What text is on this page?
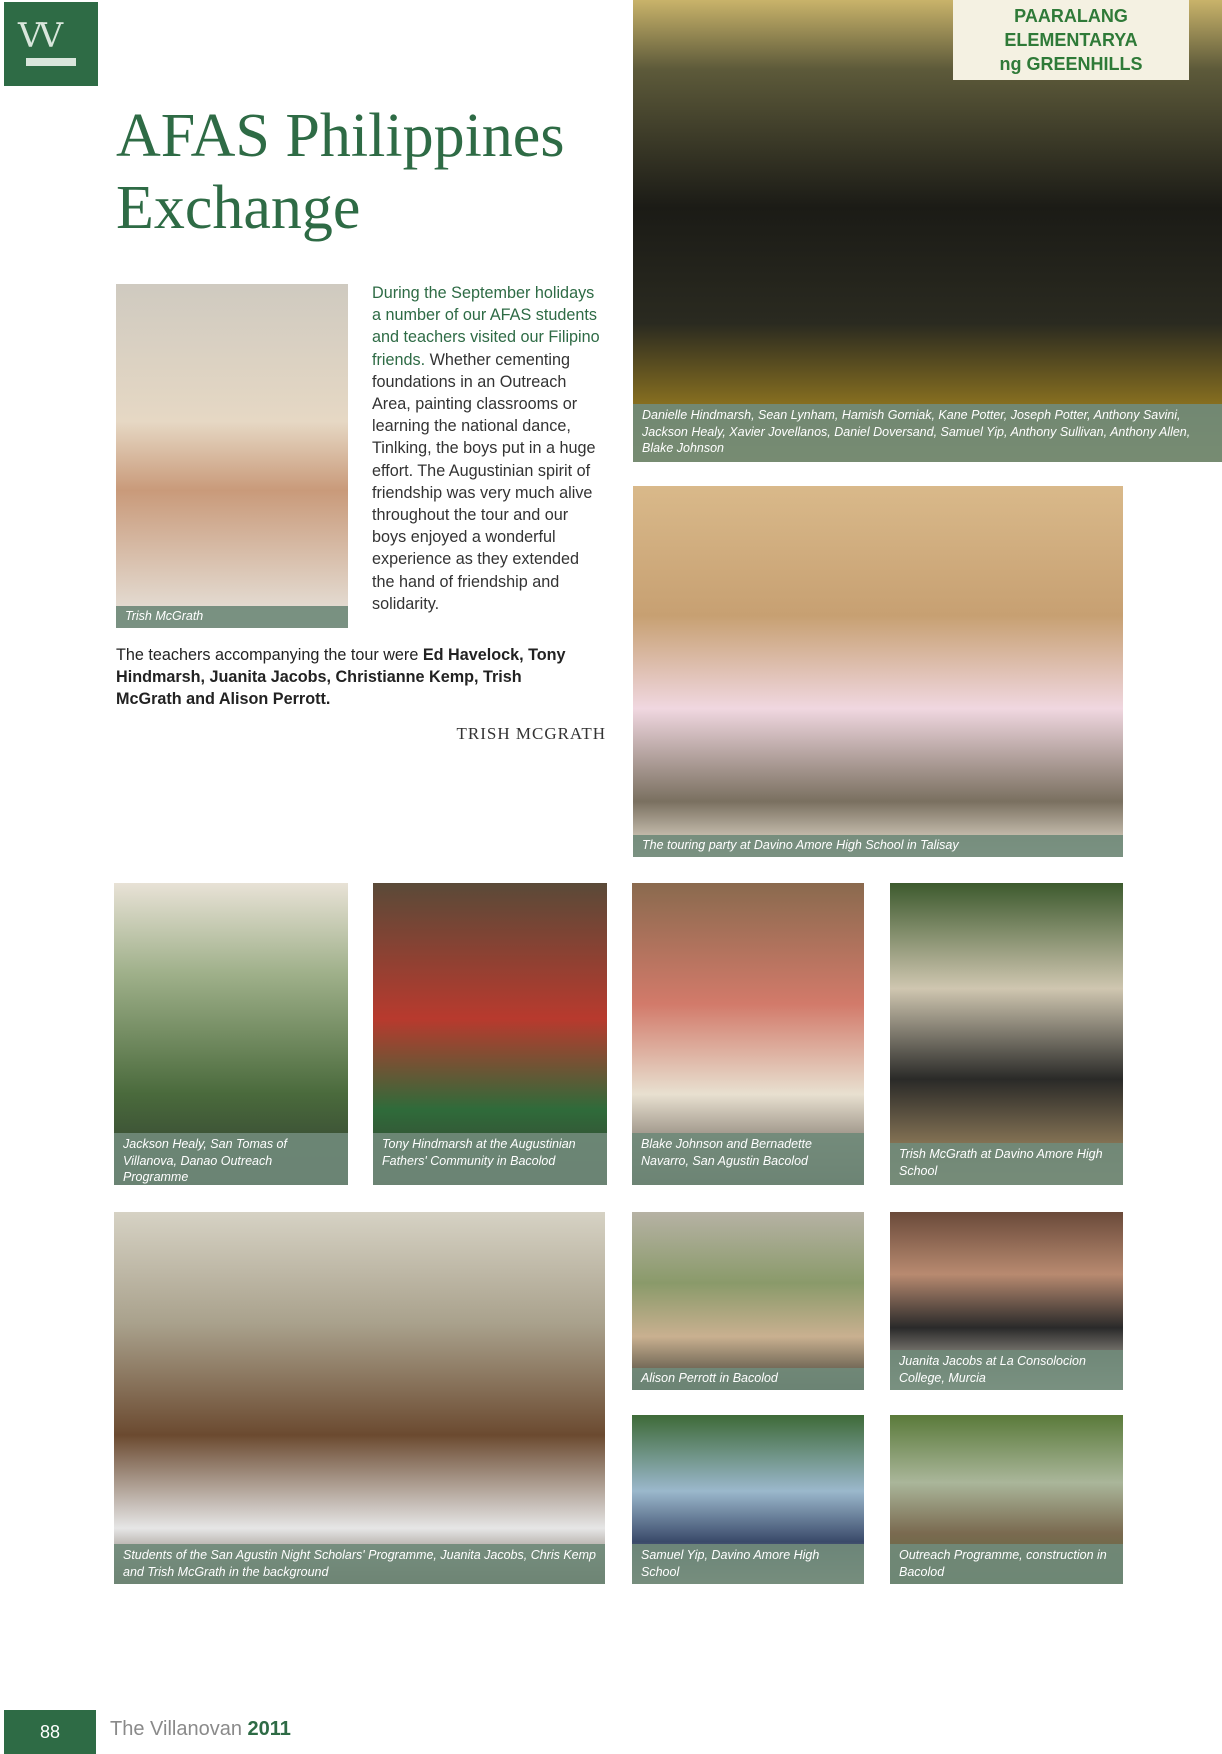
VV
AFAS Philippines
Exchange
Trish McGrath
During the September holidays a number of our AFAS students and teachers visited our Filipino friends. Whether cementing foundations in an Outreach Area, painting classrooms or learning the national dance, Tinlking, the boys put in a huge effort. The Augustinian spirit of friendship was very much alive throughout the tour and our boys enjoyed a wonderful experience as they extended the hand of friendship and solidarity.
The teachers accompanying the tour were Ed Havelock, Tony Hindmarsh, Juanita Jacobs, Christianne Kemp, Trish McGrath and Alison Perrott.
TRISH MCGRATH
PAARALANG ELEMENTARYA
ng GREENHILLS
Danielle Hindmarsh, Sean Lynham, Hamish Gorniak, Kane Potter, Joseph Potter, Anthony Savini, Jackson Healy, Xavier Jovellanos, Daniel Doversand, Samuel Yip, Anthony Sullivan, Anthony Allen, Blake Johnson
The touring party at Davino Amore High School in Talisay
Jackson Healy, San Tomas of Villanova, Danao Outreach Programme
Tony Hindmarsh at the Augustinian Fathers' Community in Bacolod
Blake Johnson and Bernadette Navarro, San Agustin Bacolod	Trish McGrath at Davino Amore High School
Students of the San Agustin Night Scholars' Programme, Juanita Jacobs, Chris Kemp and Trish McGrath in the background
Alison Perrott in Bacolod
Juanita Jacobs at La Consolocion College, Murcia
Samuel Yip, Davino Amore High School
Outreach Programme, construction in Bacolod
88	The Villanovan 2011
